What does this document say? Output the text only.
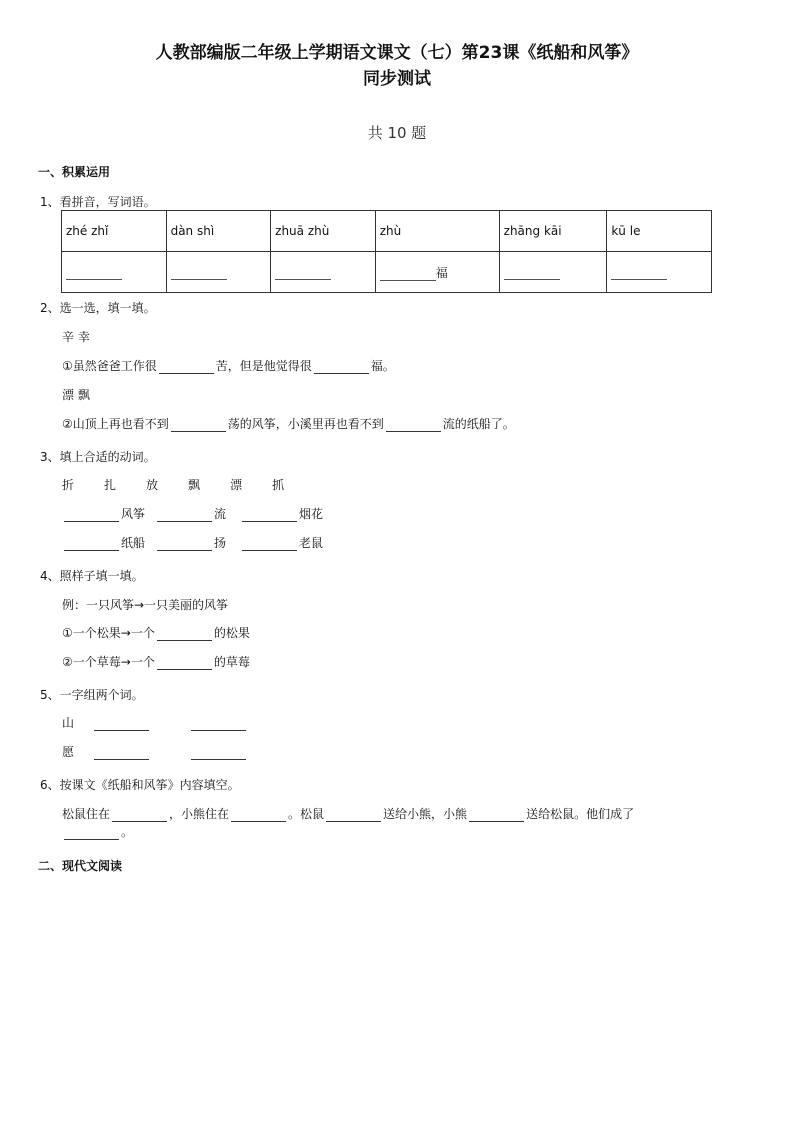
人教部编版二年级上学期语文课文（七）第23课《纸船和风筝》
同步测试
共 10 题
一、积累运用
1、看拼音，写词语。
zhé zhǐ	dàn shì	zhuā zhù	zhù	zhāng kāi	kū le
			福		
2、选一选，填一填。
辛 幸
①虽然爸爸工作很	苦，但是他觉得很	福。
漂 飘
②山顶上再也看不到	荡的风筝，小溪里再也看不到	流的纸船了。
3、填上合适的动词。
折	扎	放	飘	漂	抓
风筝	流	烟花
纸船	扬	老鼠
4、照样子填一填。
例：一只风筝→一只美丽的风筝
①一个松果→一个	的松果
②一个草莓→一个	的草莓
5、一字组两个词。
山
愿
6、按课文《纸船和风筝》内容填空。
松鼠住在	，小熊住在	。松鼠	送给小熊，小熊	送给松鼠。他们成了
。
二、现代文阅读
